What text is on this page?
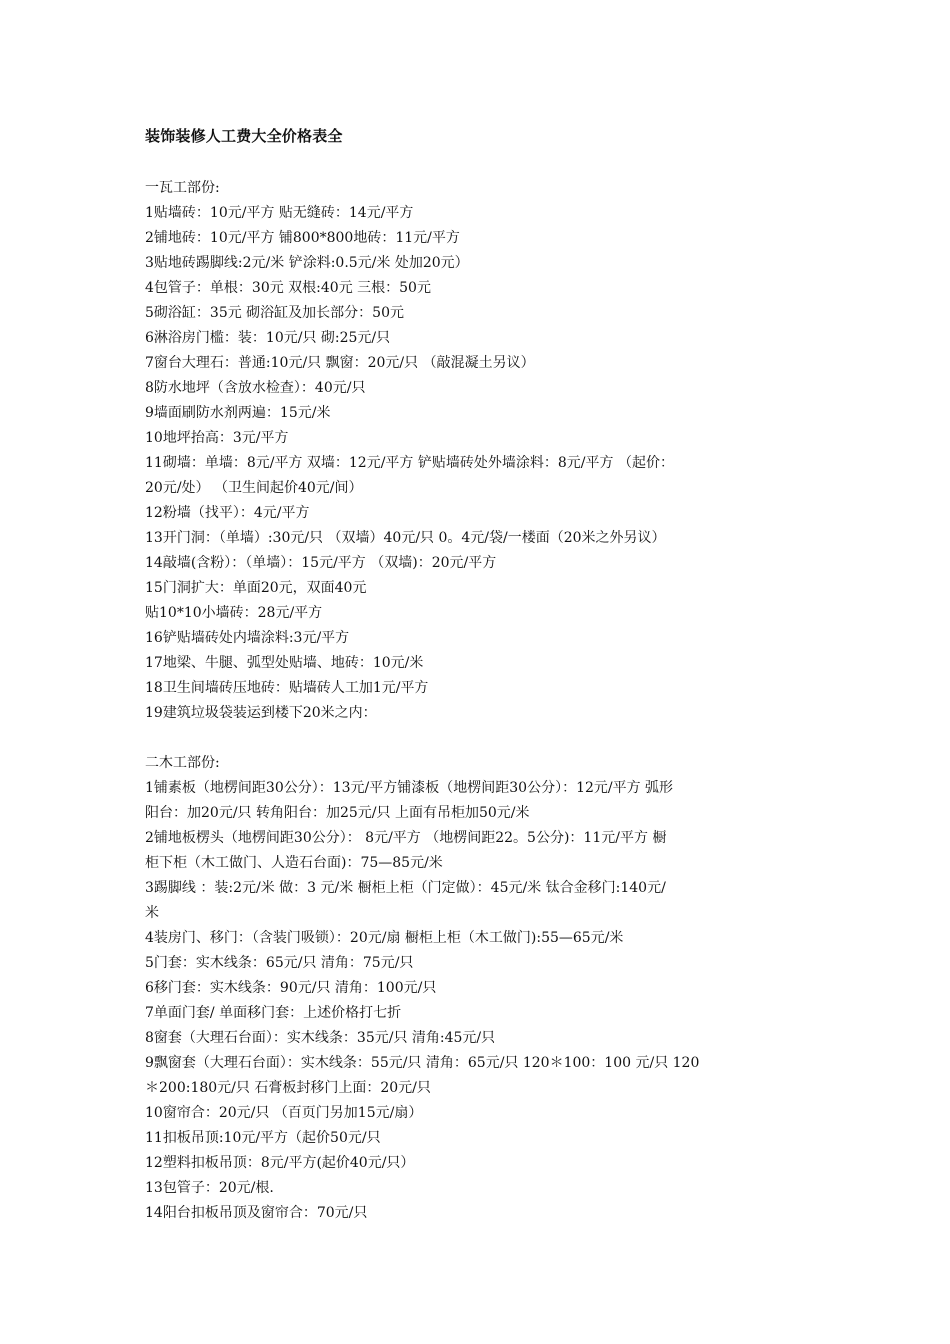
装饰装修人工费大全价格表全
一瓦工部份:
1贴墙砖：10元/平方 贴无缝砖：14元/平方
2铺地砖：10元/平方 铺800*800地砖：11元/平方
3贴地砖踢脚线:2元/米 铲涂料:0.5元/米 处加20元）
4包管子：单根：30元 双根:40元 三根：50元
5砌浴缸：35元 砌浴缸及加长部分：50元
6淋浴房门槛：装：10元/只 砌:25元/只
7窗台大理石：普通:10元/只 飘窗：20元/只 （敲混凝土另议）
8防水地坪（含放水检查）：40元/只
9墙面刷防水剂两遍：15元/米
10地坪抬高：3元/平方
11砌墙：单墙：8元/平方 双墙：12元/平方 铲贴墙砖处外墙涂料：8元/平方 （起价：
20元/处） （卫生间起价40元/间）
12粉墙（找平）：4元/平方
13开门洞：（单墙）:30元/只 （双墙）40元/只 0。4元/袋/一楼面（20米之外另议）
14敲墙(含粉）：（单墙）：15元/平方 （双墙)：20元/平方
15门洞扩大：单面20元，双面40元
贴10*10小墙砖：28元/平方
16铲贴墙砖处内墙涂料:3元/平方
17地梁、牛腿、弧型处贴墙、地砖：10元/米
18卫生间墙砖压地砖：贴墙砖人工加1元/平方
19建筑垃圾袋装运到楼下20米之内：
二木工部份:
1铺素板（地楞间距30公分）：13元/平方铺漆板（地楞间距30公分）：12元/平方 弧形
阳台：加20元/只 转角阳台：加25元/只 上面有吊柜加50元/米
2铺地板楞头（地楞间距30公分）： 8元/平方 （地楞间距22。5公分)：11元/平方 橱
柜下柜（木工做门、人造石台面)：75—85元/米
3踢脚线 ：装:2元/米 做：3 元/米 橱柜上柜（门定做）：45元/米 钛合金移门:140元/
米
4装房门、移门：（含装门吸锁）：20元/扇 橱柜上柜（木工做门):55—65元/米
5门套：实木线条：65元/只 清角：75元/只
6移门套：实木线条：90元/只 清角：100元/只
7单面门套/ 单面移门套：上述价格打七折
8窗套（大理石台面）：实木线条：35元/只 清角:45元/只
9飘窗套（大理石台面）：实木线条：55元/只 清角：65元/只 120＊100：100 元/只 120
＊200:180元/只 石膏板封移门上面：20元/只
10窗帘合：20元/只 （百页门另加15元/扇）
11扣板吊顶:10元/平方（起价50元/只
12塑料扣板吊顶：8元/平方(起价40元/只）
13包管子：20元/根.
14阳台扣板吊顶及窗帘合：70元/只
